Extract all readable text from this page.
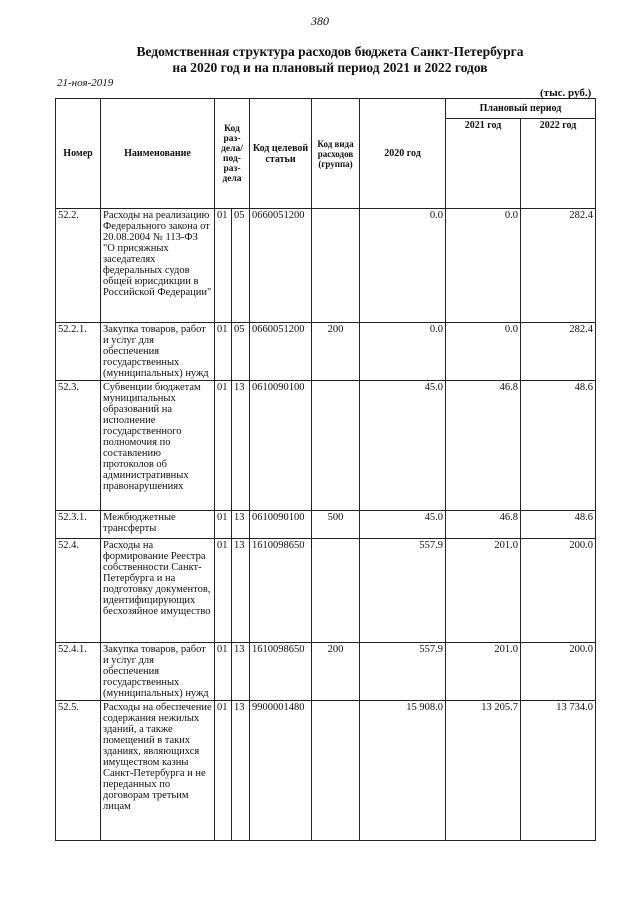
380
Ведомственная структура расходов бюджета Санкт-Петербурга
на 2020 год и на плановый период 2021 и 2022 годов
21-ноя-2019
(тыс. руб.)
Номер	Наименование	Код раз- дела/ под- раз- дела		Код целевой статьи	Код вида расходов (группа)	2020 год	Плановый период	
							2021 год	2022 год
52.2.	Расходы на реализацию Федерального закона от 20.08.2004 № 113-ФЗ "О присяжных заседателях федеральных судов общей юрисдикции в Российской Федерации"	01	05	0660051200		0.0	0.0	282.4
52.2.1.	Закупка товаров, работ и услуг для обеспечения государственных (муниципальных) нужд	01	05	0660051200	200	0.0	0.0	282.4
52.3.	Субвенции бюджетам муниципальных образований на исполнение государственного полномочия по составлению протоколов об административных правонарушениях	01	13	0610090100		45.0	46.8	48.6
52.3.1.	Межбюджетные трансферты	01	13	0610090100	500	45.0	46.8	48.6
52.4.	Расходы на формирование Реестра собственности Санкт-Петербурга и на подготовку документов, идентифицирующих бесхозяйное имущество	01	13	1610098650		557.9	201.0	200.0
52.4.1.	Закупка товаров, работ и услуг для обеспечения государственных (муниципальных) нужд	01	13	1610098650	200	557.9	201.0	200.0
52.5.	Расходы на обеспечение содержания нежилых зданий, а также помещений в таких зданиях, являющихся имуществом казны Санкт-Петербурга и не переданных по договорам третьим лицам	01	13	9900001480		15 908.0	13 205.7	13 734.0
